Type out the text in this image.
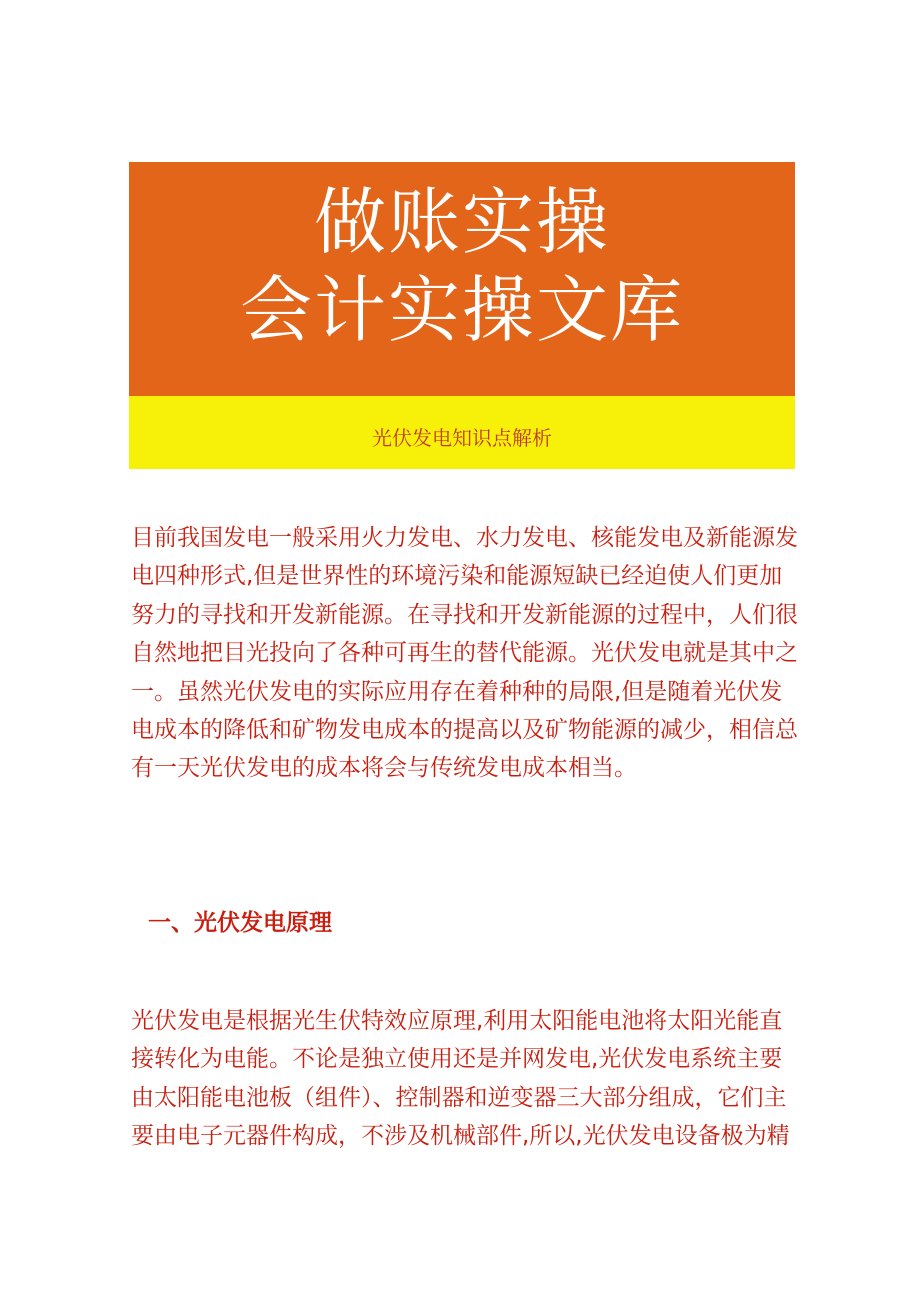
做账实操
会计实操文库
光伏发电知识点解析
目前我国发电一般采用火力发电、水力发电、核能发电及新能源发
电四种形式,但是世界性的环境污染和能源短缺已经迫使人们更加
努力的寻找和开发新能源。在寻找和开发新能源的过程中，人们很
自然地把目光投向了各种可再生的替代能源。光伏发电就是其中之
一。虽然光伏发电的实际应用存在着种种的局限,但是随着光伏发
电成本的降低和矿物发电成本的提高以及矿物能源的减少，相信总
有一天光伏发电的成本将会与传统发电成本相当。
一、光伏发电原理
光伏发电是根据光生伏特效应原理,利用太阳能电池将太阳光能直
接转化为电能。不论是独立使用还是并网发电,光伏发电系统主要
由太阳能电池板（组件）、控制器和逆变器三大部分组成，它们主
要由电子元器件构成，不涉及机械部件,所以,光伏发电设备极为精
